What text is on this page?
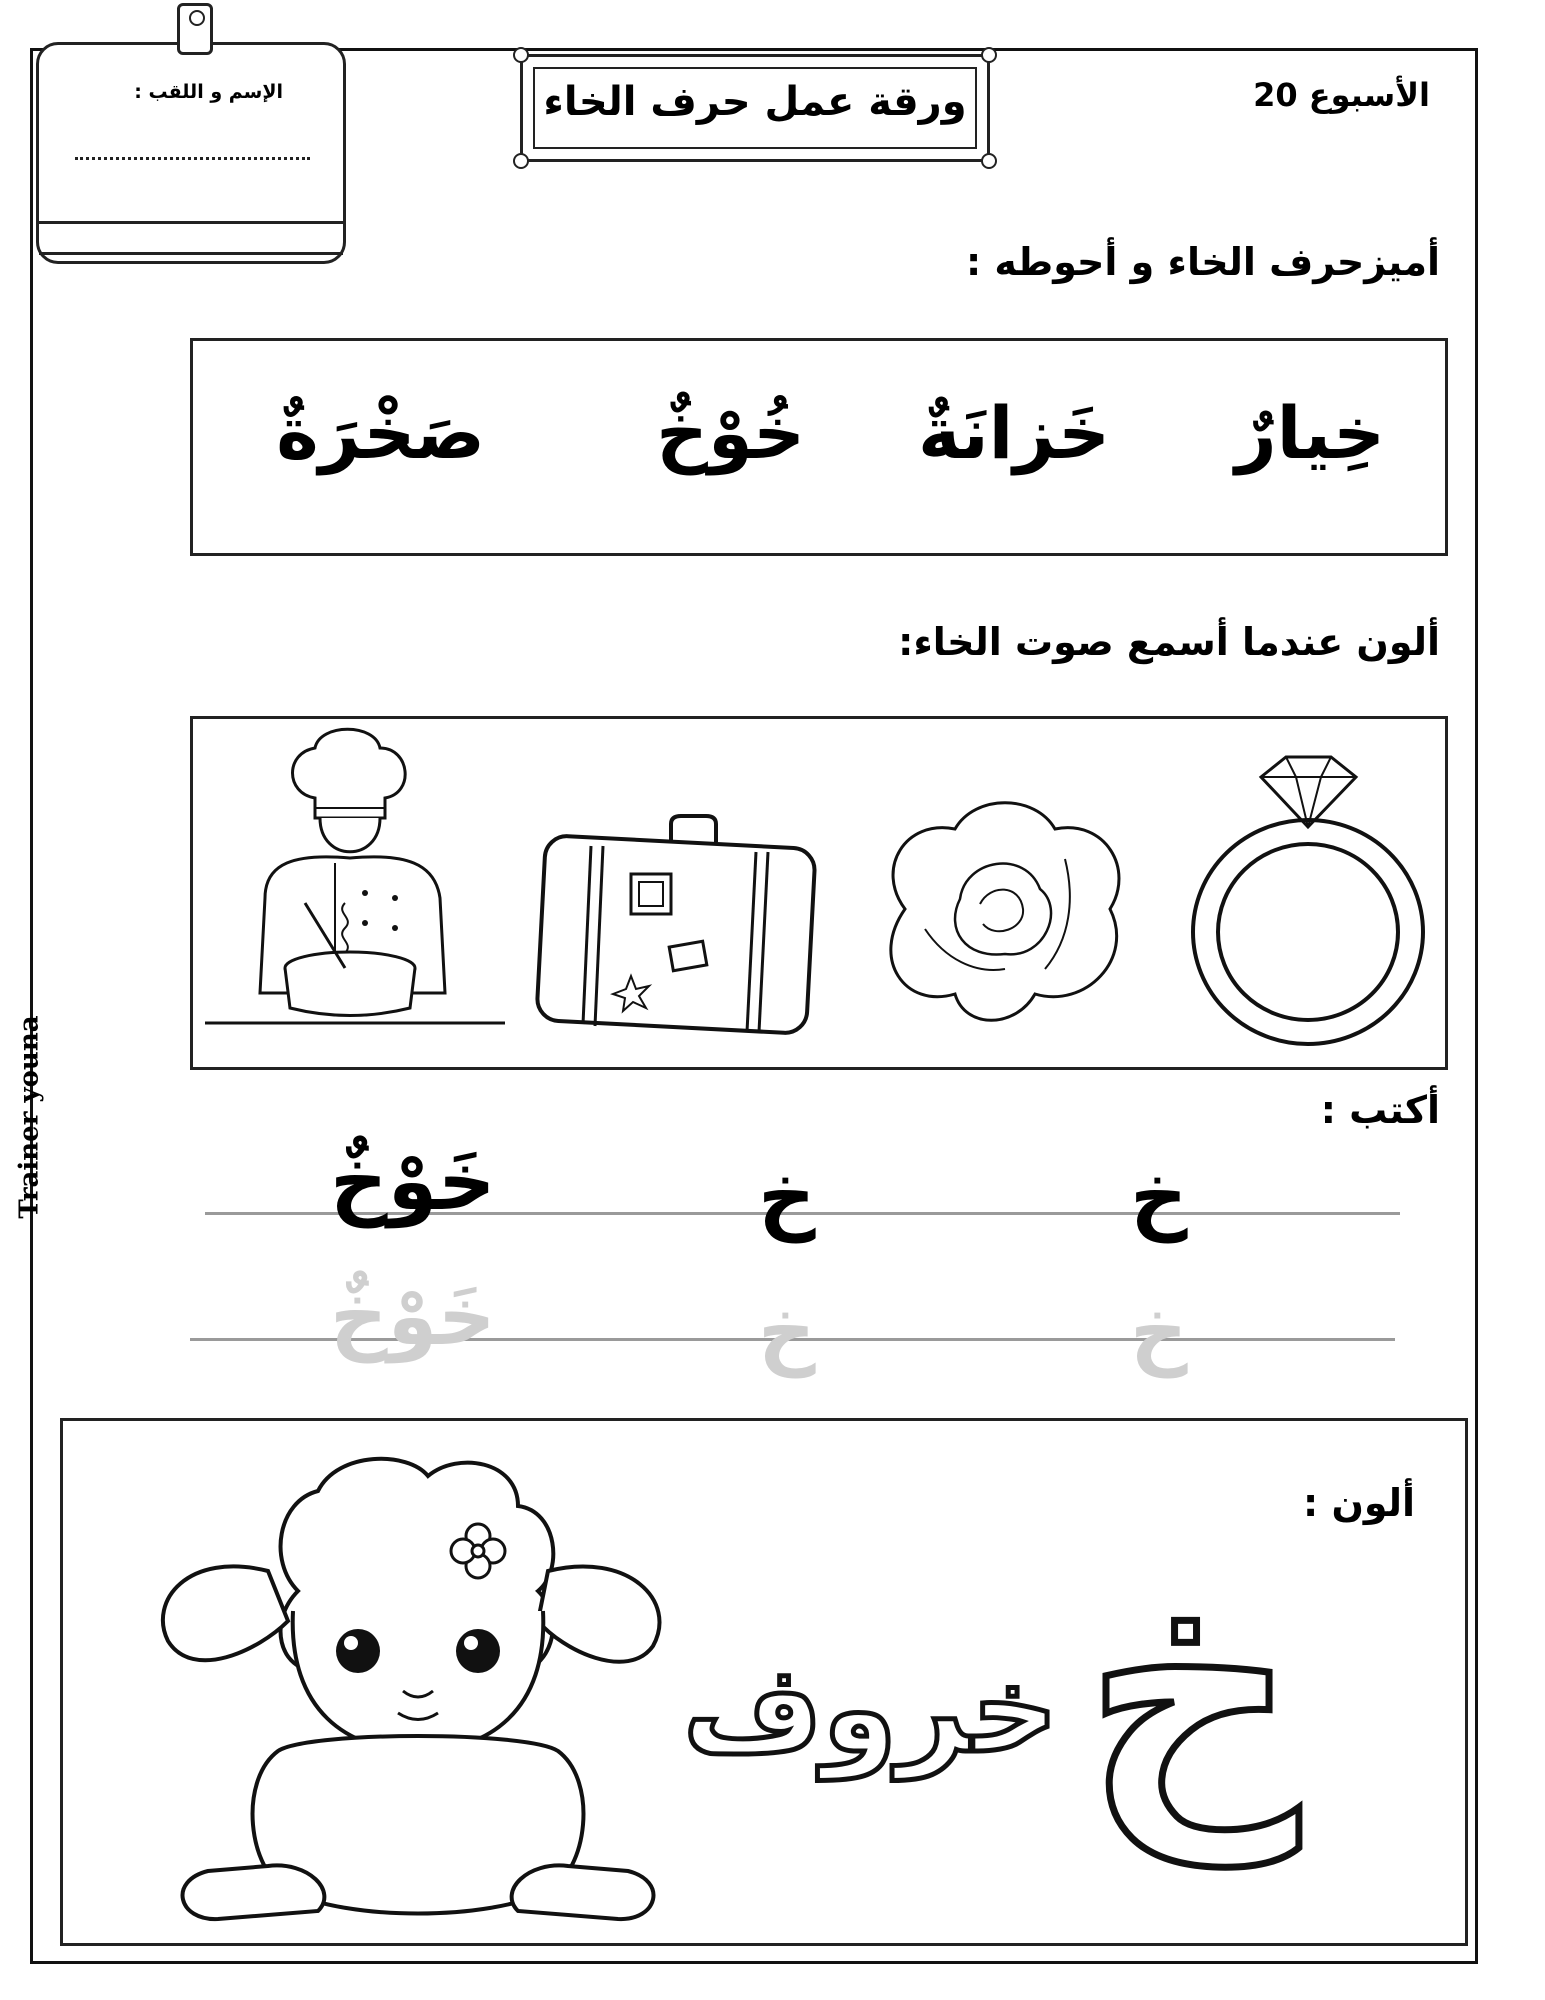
الإسم و اللقب :	ورقة عمل حرف الخاء	الأسبوع 20
أميزحرف الخاء و أحوطه :
خِيارٌ
خَزانَةٌ
خُوْخٌ
صَخْرَةٌ
ألون عندما أسمع صوت الخاء:
أكتب :
خ
خ
خَوْخٌ
خ
خ
خَوْخٌ
ألون :
خ
خروف
Trainer youna
